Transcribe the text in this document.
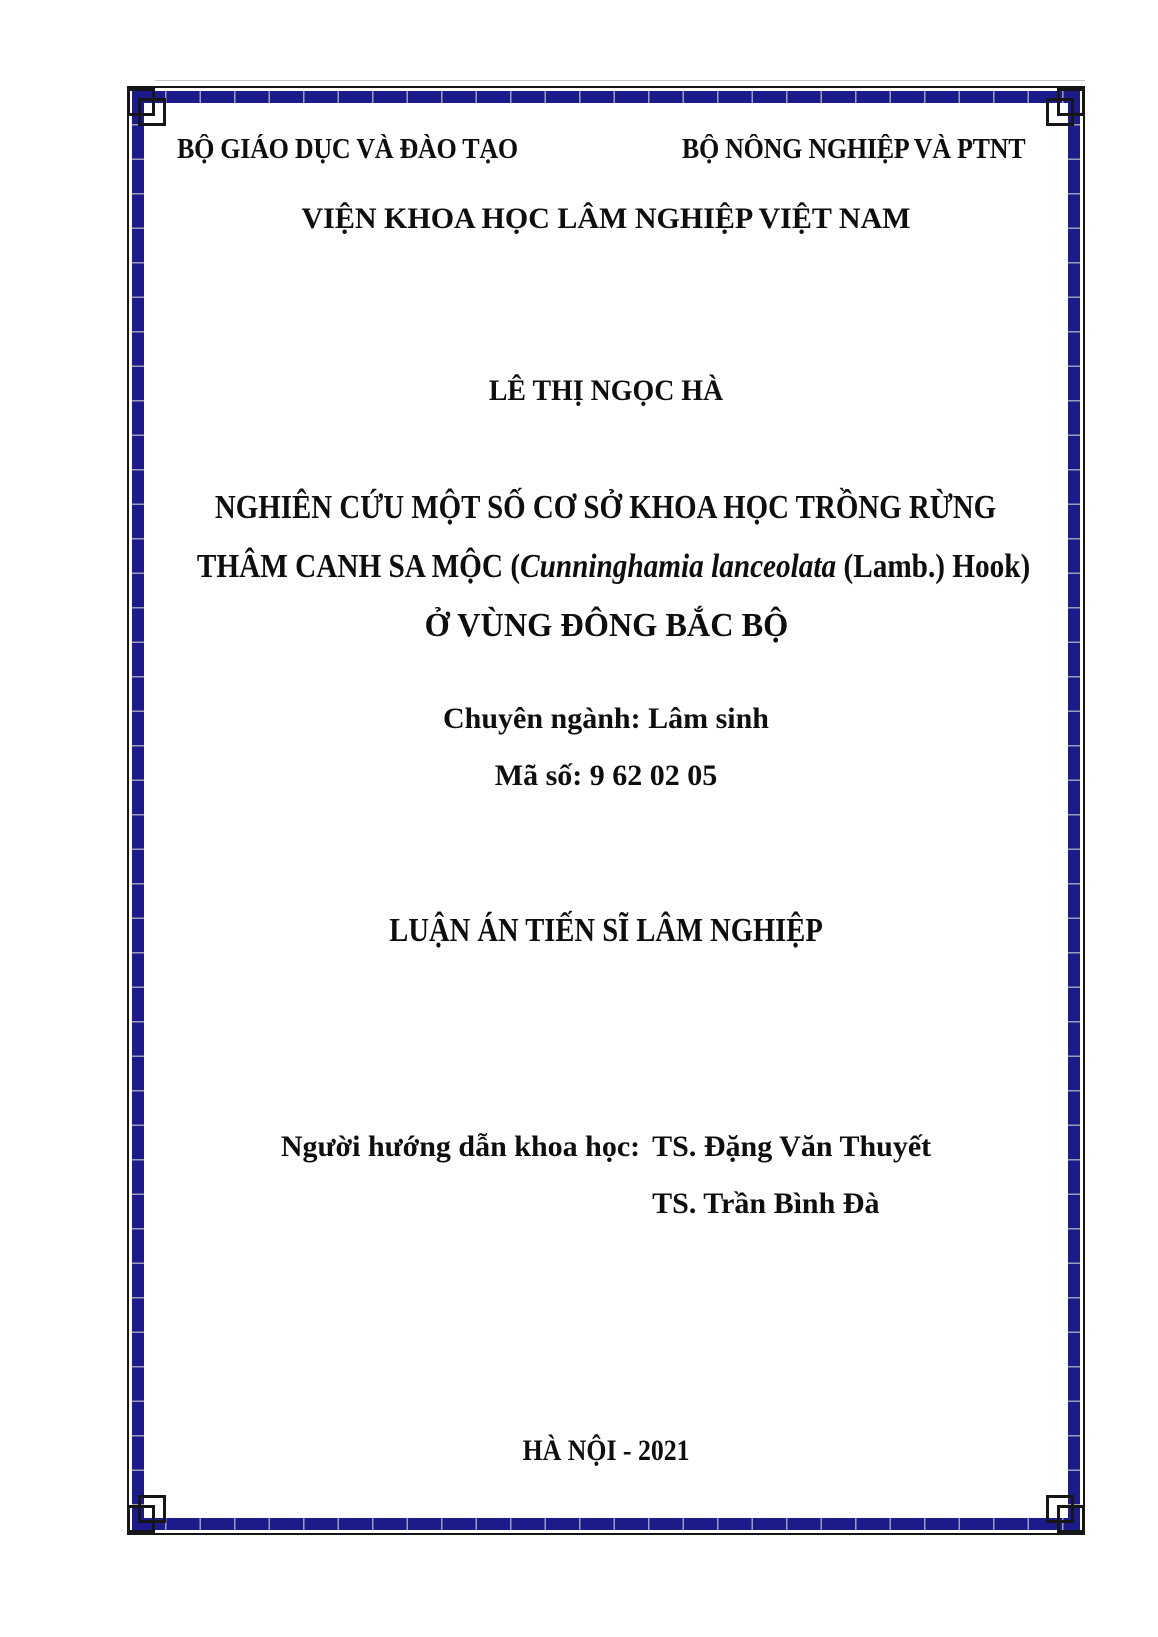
BỘ GIÁO DỤC VÀ ĐÀO TẠO	BỘ NÔNG NGHIỆP VÀ PTNT
VIỆN KHOA HỌC LÂM NGHIỆP VIỆT NAM
LÊ THỊ NGỌC HÀ
NGHIÊN CỨU MỘT SỐ CƠ SỞ KHOA HỌC TRỒNG RỪNG
THÂM CANH SA MỘC (Cunninghamia lanceolata (Lamb.) Hook)
Ở VÙNG ĐÔNG BẮC BỘ
Chuyên ngành: Lâm sinh
Mã số: 9 62 02 05
LUẬN ÁN TIẾN SĨ LÂM NGHIỆP
Người hướng dẫn khoa học: TS. Đặng Văn Thuyết
TS. Trần Bình Đà
HÀ NỘI - 2021
